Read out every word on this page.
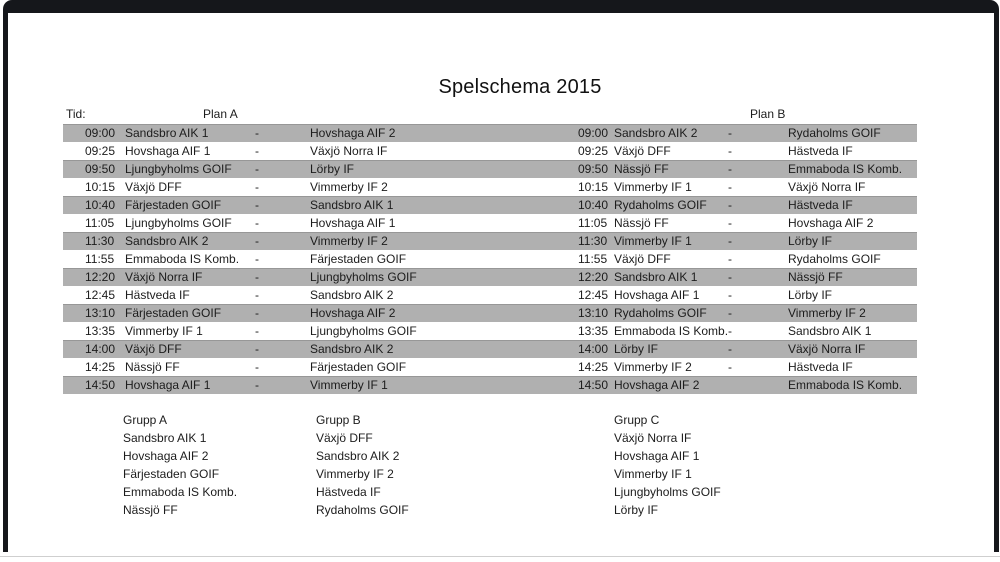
Spelschema 2015
Tid:	Plan A	Plan B
09:00 Sandsbro AIK 1	-	Hovshaga AIF 2	09:00 Sandsbro AIK 2	-	Rydaholms GOIF
09:25 Hovshaga AIF 1	-	Växjö Norra IF	09:25 Växjö DFF	-	Hästveda IF
09:50 Ljungbyholms GOIF	-	Lörby IF	09:50 Nässjö FF	-	Emmaboda IS Komb.
10:15 Växjö DFF	-	Vimmerby IF 2	10:15 Vimmerby IF 1	-	Växjö Norra IF
10:40 Färjestaden GOIF	-	Sandsbro AIK 1	10:40 Rydaholms GOIF	-	Hästveda IF
11:05 Ljungbyholms GOIF	-	Hovshaga AIF 1	11:05 Nässjö FF	-	Hovshaga AIF 2
11:30 Sandsbro AIK 2	-	Vimmerby IF 2	11:30 Vimmerby IF 1	-	Lörby IF
11:55 Emmaboda IS Komb.	-	Färjestaden GOIF	11:55 Växjö DFF	-	Rydaholms GOIF
12:20 Växjö Norra IF	-	Ljungbyholms GOIF	12:20 Sandsbro AIK 1	-	Nässjö FF
12:45 Hästveda IF	-	Sandsbro AIK 2	12:45 Hovshaga AIF 1	-	Lörby IF
13:10 Färjestaden GOIF	-	Hovshaga AIF 2	13:10 Rydaholms GOIF	-	Vimmerby IF 2
13:35 Vimmerby IF 1	-	Ljungbyholms GOIF	13:35 Emmaboda IS Komb. -	Sandsbro AIK 1
14:00 Växjö DFF	-	Sandsbro AIK 2	14:00 Lörby IF	-	Växjö Norra IF
14:25 Nässjö FF	-	Färjestaden GOIF	14:25 Vimmerby IF 2	-	Hästveda IF
14:50 Hovshaga AIF 1	-	Vimmerby IF 1	14:50 Hovshaga AIF 2	Emmaboda IS Komb.
Grupp A
Sandsbro AIK 1
Hovshaga AIF 2
Färjestaden GOIF
Emmaboda IS Komb.
Nässjö FF
Grupp B
Växjö DFF
Sandsbro AIK 2
Vimmerby IF 2
Hästveda IF
Rydaholms GOIF
Grupp C
Växjö Norra IF
Hovshaga AIF 1
Vimmerby IF 1
Ljungbyholms GOIF
Lörby IF
